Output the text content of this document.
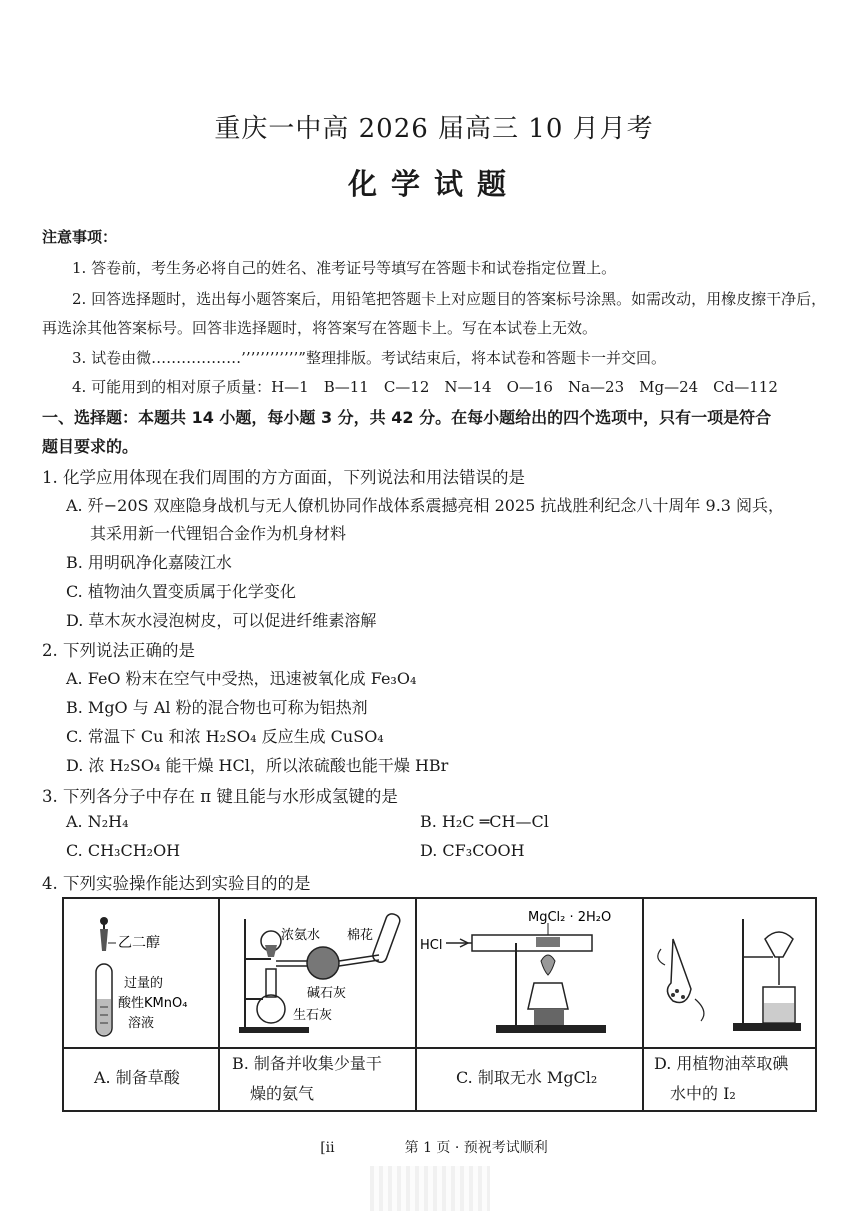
重庆一中高 2026 届高三 10 月月考
化学试题
注意事项：
1. 答卷前，考生务必将自己的姓名、准考证号等填写在答题卡和试卷指定位置上。
2. 回答选择题时，选出每小题答案后，用铅笔把答题卡上对应题目的答案标号涂黑。如需改动，用橡皮擦干净后，
再选涂其他答案标号。回答非选择题时，将答案写在答题卡上。写在本试卷上无效。
3. 试卷由微………………’’’’’’’’’’’’”整理排版。考试结束后，将本试卷和答题卡一并交回。
4. 可能用到的相对原子质量：H—1　B—11　C—12　N—14　O—16　Na—23　Mg—24　Cd—112
一、选择题：本题共 14 小题，每小题 3 分，共 42 分。在每小题给出的四个选项中，只有一项是符合
题目要求的。
1. 化学应用体现在我们周围的方方面面，下列说法和用法错误的是
A. 歼−20S 双座隐身战机与无人僚机协同作战体系震撼亮相 2025 抗战胜利纪念八十周年 9.3 阅兵，
其采用新一代锂铝合金作为机身材料
B. 用明矾净化嘉陵江水
C. 植物油久置变质属于化学变化
D. 草木灰水浸泡树皮，可以促进纤维素溶解
2. 下列说法正确的是
A. FeO 粉末在空气中受热，迅速被氧化成 Fe₃O₄
B. MgO 与 Al 粉的混合物也可称为铝热剂
C. 常温下 Cu 和浓 H₂SO₄ 反应生成 CuSO₄
D. 浓 H₂SO₄ 能干燥 HCl，所以浓硫酸也能干燥 HBr
3. 下列各分子中存在 π 键且能与水形成氢键的是
A. N₂H₄	B. H₂C ═CH—Cl
C. CH₃CH₂OH	D. CF₃COOH
4. 下列实验操作能达到实验目的的是
乙二醇
过量的
酸性KMnO₄
溶液
浓氨水 棉花
碱石灰
生石灰
HCl
MgCl₂ · 2H₂O
A. 制备草酸
B. 制备并收集少量干
燥的氨气
C. 制取无水 MgCl₂
D. 用植物油萃取碘
水中的 I₂
[ⅱ　　　　　第 1 页 · 预祝考试顺利
